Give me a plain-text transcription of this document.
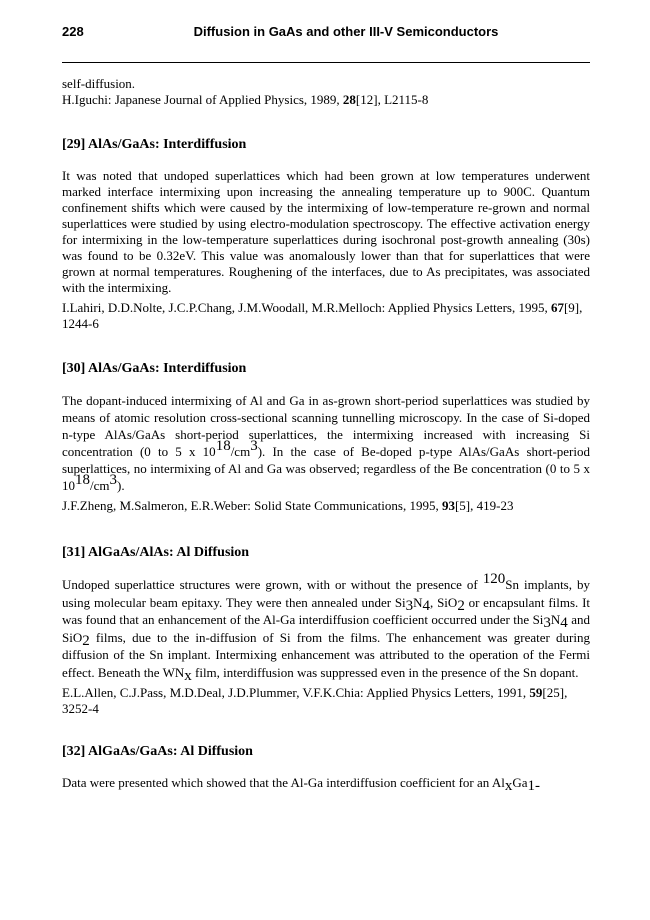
228	Diffusion in GaAs and other III-V Semiconductors

self-diffusion.

H.Iguchi: Japanese Journal of Applied Physics, 1989, 28[12], L2115-8

[29] AlAs/GaAs: Interdiffusion

It was noted that undoped superlattices which had been grown at low temperatures underwent marked interface intermixing upon increasing the annealing temperature up to 900C. Quantum confinement shifts which were caused by the intermixing of low-temperature re-grown and normal superlattices were studied by using electro-modulation spectroscopy. The effective activation energy for intermixing in the low-temperature superlattices during isochronal post-growth annealing (30s) was found to be 0.32eV. This value was anomalously lower than that for superlattices that were grown at normal temperatures. Roughening of the interfaces, due to As precipitates, was associated with the intermixing.

I.Lahiri, D.D.Nolte, J.C.P.Chang, J.M.Woodall, M.R.Melloch: Applied Physics Letters, 1995, 67[9], 1244-6

[30] AlAs/GaAs: Interdiffusion

The dopant-induced intermixing of Al and Ga in as-grown short-period superlattices was studied by means of atomic resolution cross-sectional scanning tunnelling microscopy. In the case of Si-doped n-type AlAs/GaAs short-period superlattices, the intermixing increased with increasing Si concentration (0 to 5 x 1018/cm3). In the case of Be-doped p-type AlAs/GaAs short-period superlattices, no intermixing of Al and Ga was observed; regardless of the Be concentration (0 to 5 x 1018/cm3).

J.F.Zheng, M.Salmeron, E.R.Weber: Solid State Communications, 1995, 93[5], 419-23

[31] AlGaAs/AlAs: Al Diffusion

Undoped superlattice structures were grown, with or without the presence of 120Sn implants, by using molecular beam epitaxy. They were then annealed under Si3N4, SiO2 or encapsulant films. It was found that an enhancement of the Al-Ga interdiffusion coefficient occurred under the Si3N4 and SiO2 films, due to the in-diffusion of Si from the films. The enhancement was greater during diffusion of the Sn implant. Intermixing enhancement was attributed to the operation of the Fermi effect. Beneath the WNx film, interdiffusion was suppressed even in the presence of the Sn dopant.

E.L.Allen, C.J.Pass, M.D.Deal, J.D.Plummer, V.F.K.Chia: Applied Physics Letters, 1991, 59[25], 3252-4

[32] AlGaAs/GaAs: Al Diffusion

Data were presented which showed that the Al-Ga interdiffusion coefficient for an AlxGa1-
